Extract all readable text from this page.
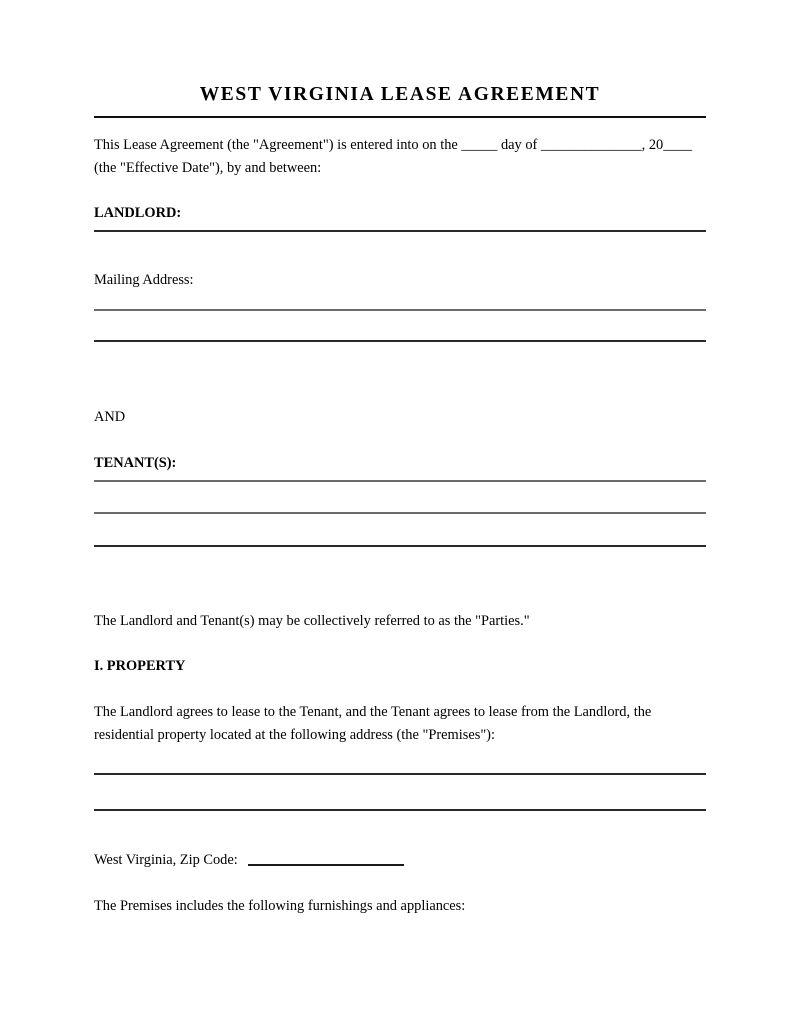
WEST VIRGINIA LEASE AGREEMENT
This Lease Agreement (the "Agreement") is entered into on the _____ day of ______________, 20____
(the "Effective Date"), by and between:
LANDLORD:
Mailing Address:
AND
TENANT(S):
The Landlord and Tenant(s) may be collectively referred to as the "Parties."
I. PROPERTY
The Landlord agrees to lease to the Tenant, and the Tenant agrees to lease from the Landlord, the
residential property located at the following address (the "Premises"):
West Virginia, Zip Code:
The Premises includes the following furnishings and appliances:
